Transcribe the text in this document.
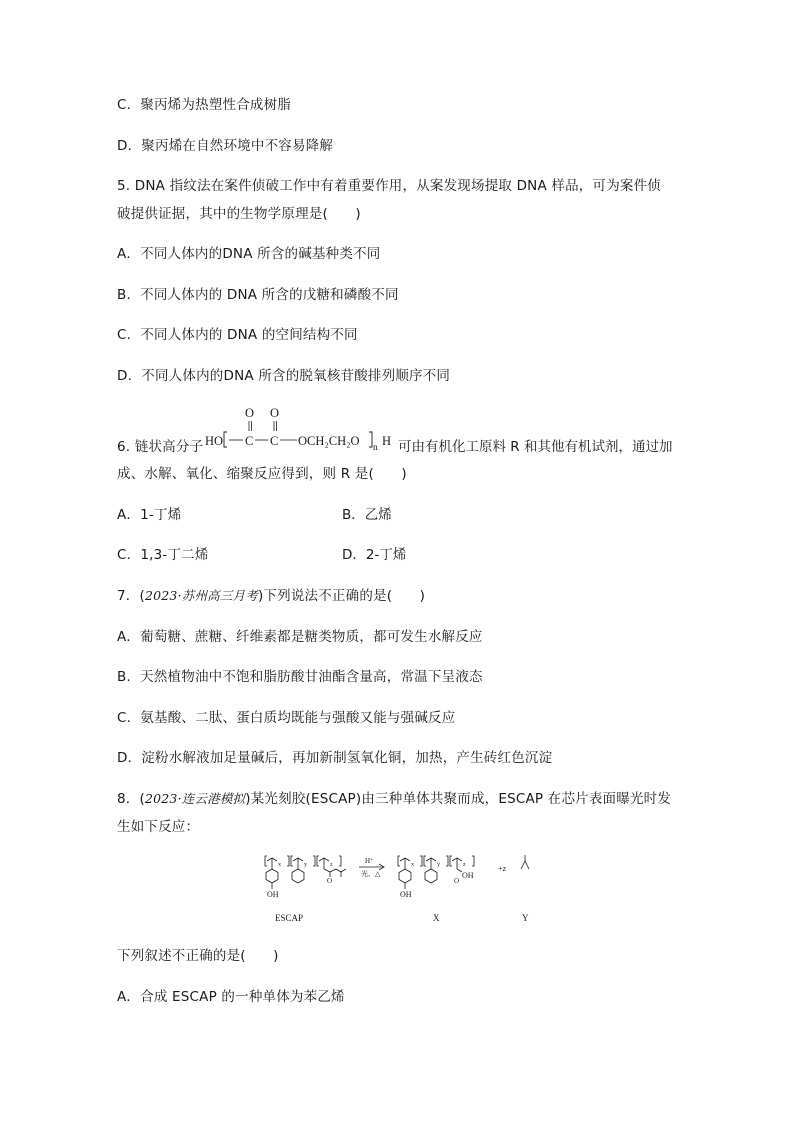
C．聚丙烯为热塑性合成树脂
D．聚丙烯在自然环境中不容易降解
5. DNA 指纹法在案件侦破工作中有着重要作用，从案发现场提取 DNA 样品，可为案件侦
破提供证据，其中的生物学原理是(　　)
A．不同人体内的DNA 所含的碱基种类不同
B．不同人体内的 DNA 所含的戊糖和磷酸不同
C．不同人体内的 DNA 的空间结构不同
D．不同人体内的DNA 所含的脱氧核苷酸排列顺序不同
6. 链状高分子
O O
HO C C OCH₂CH₂O n H 可由有机化工原料 R 和其他有机试剂，通过加
成、水解、氧化、缩聚反应得到，则 R 是(　　)
A．1-丁烯	B．乙烯
C．1,3-丁二烯	D．2-丁烯
7．(2023·苏州高三月考)下列说法不正确的是(　　)
A．葡萄糖、蔗糖、纤维素都是糖类物质，都可发生水解反应
B．天然植物油中不饱和脂肪酸甘油酯含量高，常温下呈液态
C．氨基酸、二肽、蛋白质均既能与强酸又能与强碱反应
D．淀粉水解液加足量碱后，再加新制氢氧化铜，加热，产生砖红色沉淀
8．(2023·连云港模拟)某光刻胶(ESCAP)由三种单体共聚而成，ESCAP 在芯片表面曝光时发
生如下反应：
x	y	z
O
OH
H⁺
光、△
x	y	z
O
OH
OH
+z
ESCAP	X	Y
下列叙述不正确的是(　　)
A．合成 ESCAP 的一种单体为苯乙烯
